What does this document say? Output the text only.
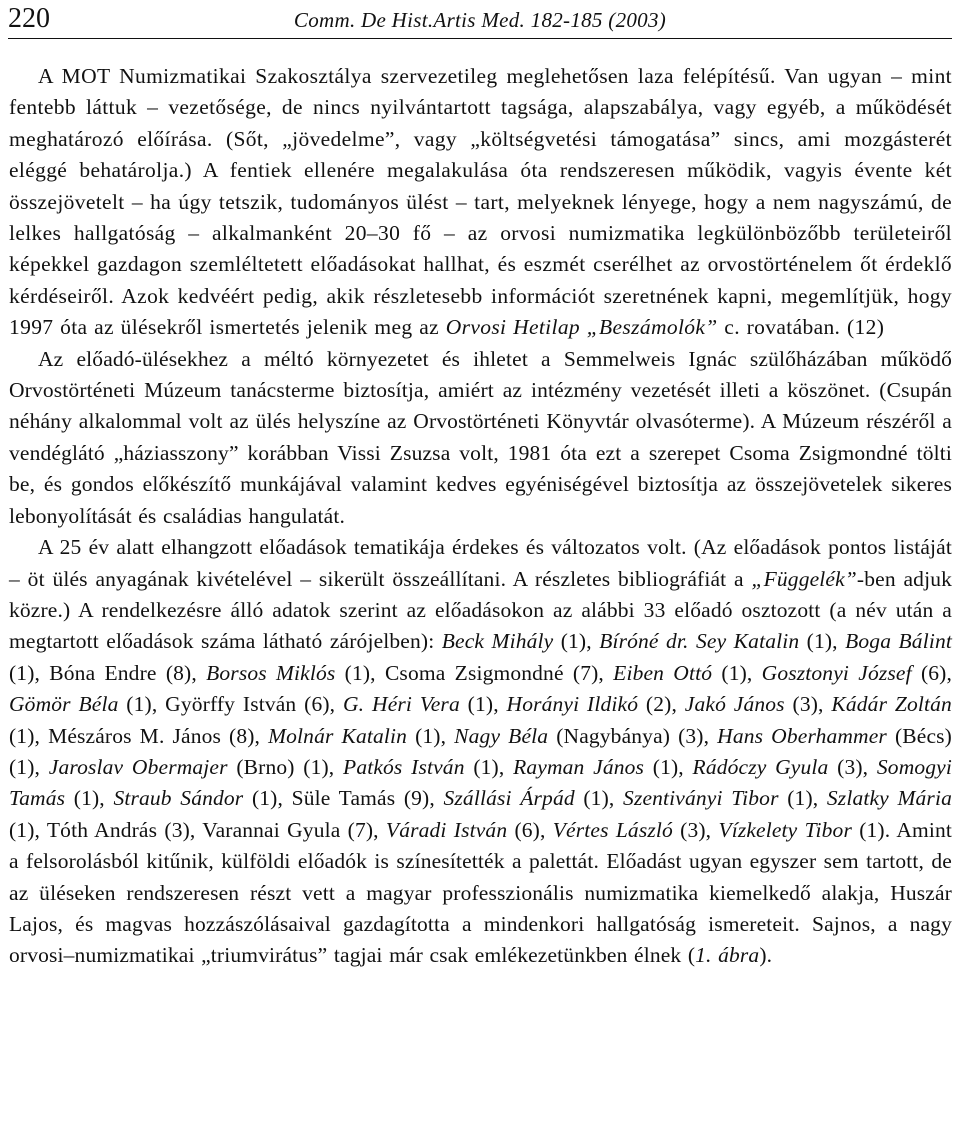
220	Comm. De Hist.Artis Med. 182-185 (2003)

A MOT Numizmatikai Szakosztálya szervezetileg meglehetősen laza felépítésű. Van ugyan – mint fentebb láttuk – vezetősége, de nincs nyilvántartott tagsága, alapszabálya, vagy egyéb, a működését meghatározó előírása. (Sőt, „jövedelme”, vagy „költségvetési támogatása” sincs, ami mozgásterét eléggé behatárolja.) A fentiek ellenére megalakulása óta rendszeresen működik, vagyis évente két összejövetelt – ha úgy tetszik, tudományos ülést – tart, melyeknek lényege, hogy a nem nagyszámú, de lelkes hallgatóság – alkalmanként 20–30 fő – az orvosi numizmatika legkülönbözőbb területeiről képekkel gazdagon szemléltetett előadásokat hallhat, és eszmét cserélhet az orvostörténelem őt érdeklő kérdéseiről. Azok kedvéért pedig, akik részletesebb információt szeretnének kapni, megemlítjük, hogy 1997 óta az ülésekről ismertetés jelenik meg az Orvosi Hetilap „Beszámolók” c. rovatában. (12)

Az előadó-ülésekhez a méltó környezetet és ihletet a Semmelweis Ignác szülőházában működő Orvostörténeti Múzeum tanácsterme biztosítja, amiért az intézmény vezetését illeti a köszönet. (Csupán néhány alkalommal volt az ülés helyszíne az Orvostörténeti Könyvtár olvasóterme). A Múzeum részéről a vendéglátó „háziasszony” korábban Vissi Zsuzsa volt, 1981 óta ezt a szerepet Csoma Zsigmondné tölti be, és gondos előkészítő munkájával valamint kedves egyéniségével biztosítja az összejövetelek sikeres lebonyolítását és családias hangulatát.

A 25 év alatt elhangzott előadások tematikája érdekes és változatos volt. (Az előadások pontos listáját – öt ülés anyagának kivételével – sikerült összeállítani. A részletes bibliográfiát a „Függelék”-ben adjuk közre.) A rendelkezésre álló adatok szerint az előadásokon az alábbi 33 előadó osztozott (a név után a megtartott előadások száma látható zárójelben): Beck Mihály (1), Bíróné dr. Sey Katalin (1), Boga Bálint (1), Bóna Endre (8), Borsos Miklós (1), Csoma Zsigmondné (7), Eiben Ottó (1), Gosztonyi József (6), Gömör Béla (1), Györffy István (6), G. Héri Vera (1), Horányi Ildikó (2), Jakó János (3), Kádár Zoltán (1), Mészáros M. János (8), Molnár Katalin (1), Nagy Béla (Nagybánya) (3), Hans Oberhammer (Bécs) (1), Jaroslav Obermajer (Brno) (1), Patkós István (1), Rayman János (1), Rádóczy Gyula (3), Somogyi Tamás (1), Straub Sándor (1), Süle Tamás (9), Szállási Árpád (1), Szentiványi Tibor (1), Szlatky Mária (1), Tóth András (3), Varannai Gyula (7), Váradi István (6), Vértes László (3), Vízkelety Tibor (1). Amint a felsorolásból kitűnik, külföldi előadók is színesítették a palettát. Előadást ugyan egyszer sem tartott, de az üléseken rendszeresen részt vett a magyar professzionális numizmatika kiemelkedő alakja, Huszár Lajos, és magvas hozzászólásaival gazdagította a mindenkori hallgatóság ismereteit. Sajnos, a nagy orvosi–numizmatikai „triumvirátus” tagjai már csak emlékezetünkben élnek (1. ábra).
